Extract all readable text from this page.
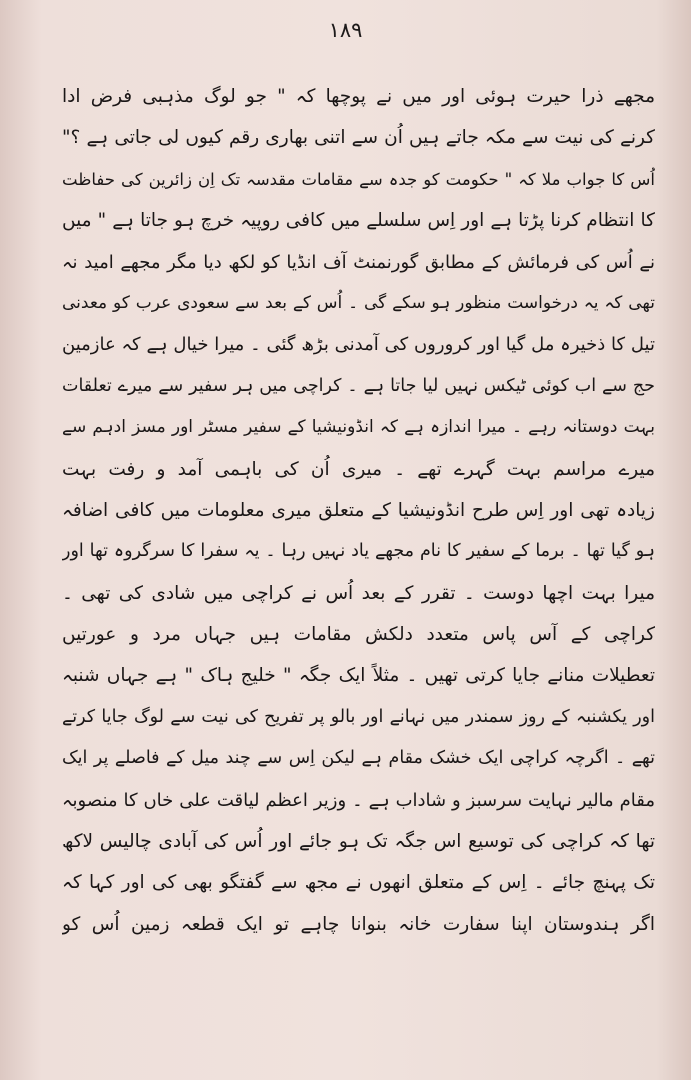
۱۸۹
مجھے ذرا حیرت ہوئی اور میں نے پوچھا کہ " جو لوگ مذہبی فرض ادا
کرنے کی نیت سے مکہ جاتے ہیں اُن سے اتنی بھاری رقم کیوں لی جاتی ہے ؟"
اُس کا جواب ملا کہ " حکومت کو جدہ سے مقامات مقدسہ تک اِن زائرین کی حفاظت
کا انتظام کرنا پڑتا ہے اور اِس سلسلے میں کافی روپیہ خرچ ہو جاتا ہے " میں
نے اُس کی فرمائش کے مطابق گورنمنٹ آف انڈیا کو لکھ دیا مگر مجھے امید نہ
تھی کہ یہ درخواست منظور ہو سکے گی ۔ اُس کے بعد سے سعودی عرب کو معدنی
تیل کا ذخیرہ مل گیا اور کروروں کی آمدنی بڑھ گئی ۔ میرا خیال ہے کہ عازمین
حج سے اب کوئی ٹیکس نہیں لیا جاتا ہے ۔ کراچی میں ہر سفیر سے میرے تعلقات
بہت دوستانہ رہے ۔ میرا اندازہ ہے کہ انڈونیشیا کے سفیر مسٹر اور مسز ادہم سے
میرے مراسم بہت گہرے تھے ۔ میری اُن کی باہمی آمد و رفت بہت
زیادہ تھی اور اِس طرح انڈونیشیا کے متعلق میری معلومات میں کافی اضافہ
ہو گیا تھا ۔ برما کے سفیر کا نام مجھے یاد نہیں رہا ۔ یہ سفرا کا سرگروہ تھا اور
میرا بہت اچھا دوست ۔ تقرر کے بعد اُس نے کراچی میں شادی کی تھی ۔
کراچی کے آس پاس متعدد دلکش مقامات ہیں جہاں مرد و عورتیں
تعطیلات منانے جایا کرتی تھیں ۔ مثلاً ایک جگہ " خلیج ہاک " ہے جہاں شنبہ
اور یکشنبہ کے روز سمندر میں نہانے اور بالو پر تفریح کی نیت سے لوگ جایا کرتے
تھے ۔ اگرچہ کراچی ایک خشک مقام ہے لیکن اِس سے چند میل کے فاصلے پر ایک
مقام مالیر نہایت سرسبز و شاداب ہے ۔ وزیر اعظم لیاقت علی خاں کا منصوبہ
تھا کہ کراچی کی توسیع اس جگہ تک ہو جائے اور اُس کی آبادی چالیس لاکھ
تک پہنچ جائے ۔ اِس کے متعلق انھوں نے مجھ سے گفتگو بھی کی اور کہا کہ
اگر ہندوستان اپنا سفارت خانہ بنوانا چاہے تو ایک قطعہ زمین اُس کو
